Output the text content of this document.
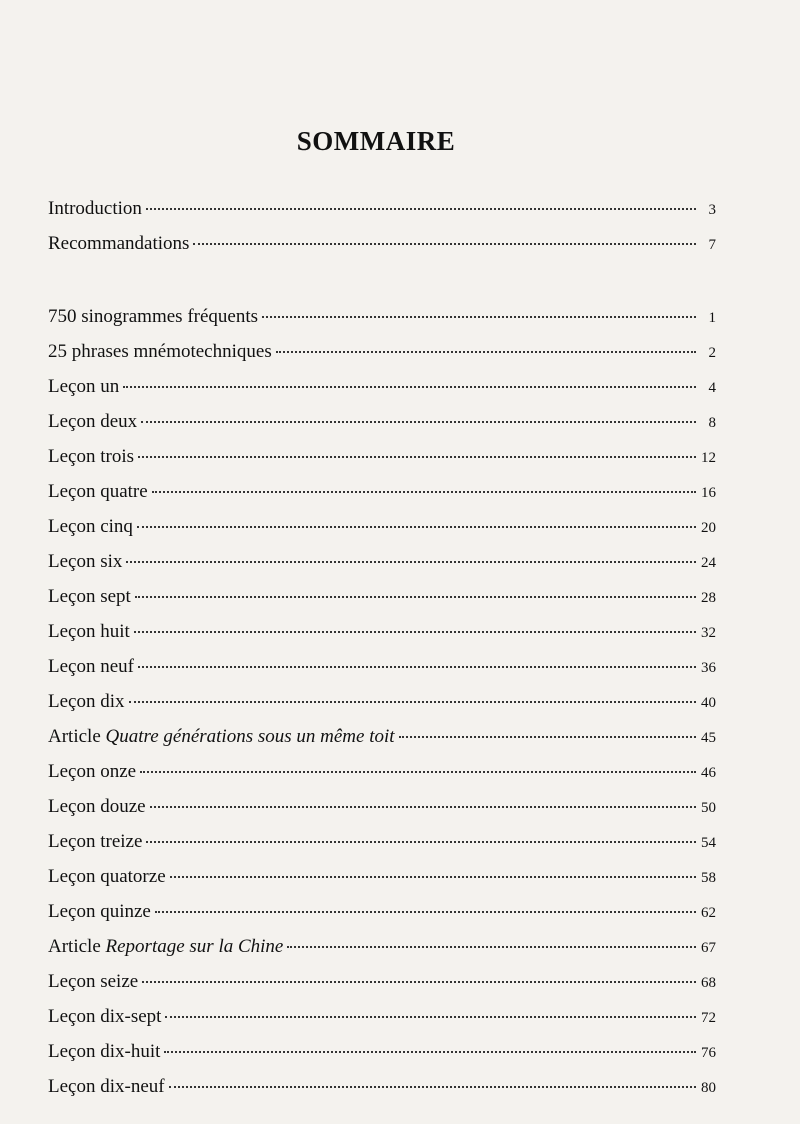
SOMMAIRE
Introduction	3
Recommandations	7
750 sinogrammes fréquents	1
25 phrases mnémotechniques	2
Leçon un	4
Leçon deux	8
Leçon trois	12
Leçon quatre	16
Leçon cinq	20
Leçon six	24
Leçon sept	28
Leçon huit	32
Leçon neuf	36
Leçon dix	40
Article Quatre générations sous un même toit	45
Leçon onze	46
Leçon douze	50
Leçon treize	54
Leçon quatorze	58
Leçon quinze	62
Article Reportage sur la Chine	67
Leçon seize	68
Leçon dix-sept	72
Leçon dix-huit	76
Leçon dix-neuf	80
